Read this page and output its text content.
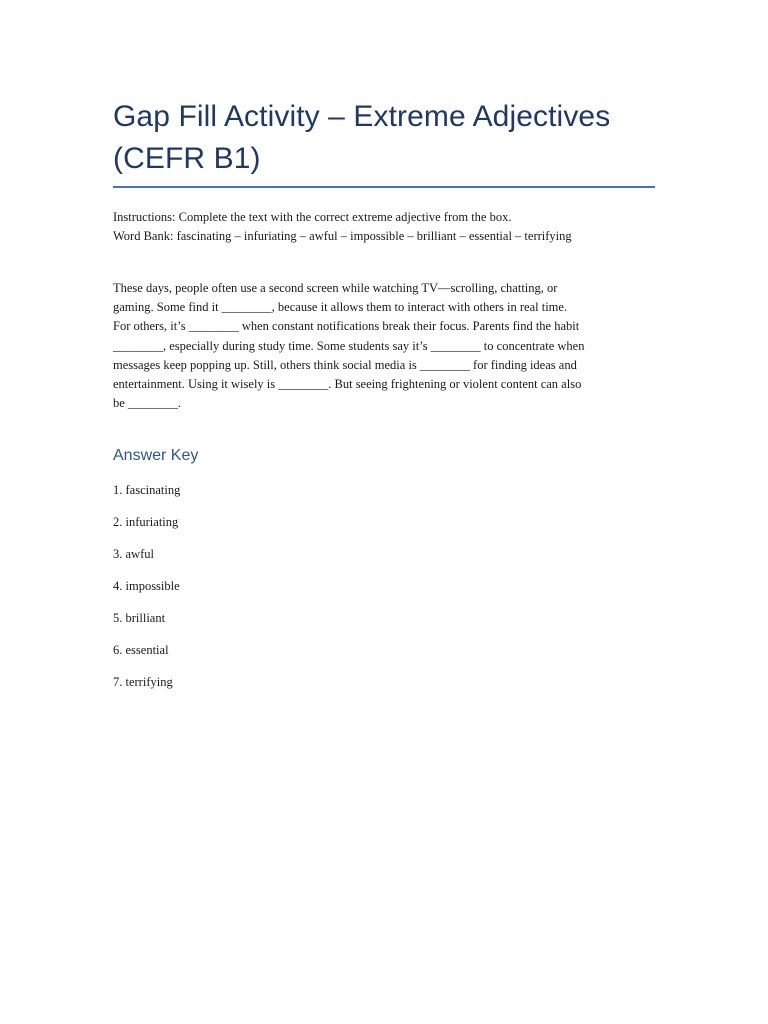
Gap Fill Activity – Extreme Adjectives (CEFR B1)
Instructions: Complete the text with the correct extreme adjective from the box.
Word Bank: fascinating – infuriating – awful – impossible – brilliant – essential – terrifying
These days, people often use a second screen while watching TV—scrolling, chatting, or
gaming. Some find it ________, because it allows them to interact with others in real time.
For others, it’s ________ when constant notifications break their focus. Parents find the habit
________, especially during study time. Some students say it’s ________ to concentrate when
messages keep popping up. Still, others think social media is ________ for finding ideas and
entertainment. Using it wisely is ________. But seeing frightening or violent content can also
be ________.
Answer Key
1. fascinating
2. infuriating
3. awful
4. impossible
5. brilliant
6. essential
7. terrifying
